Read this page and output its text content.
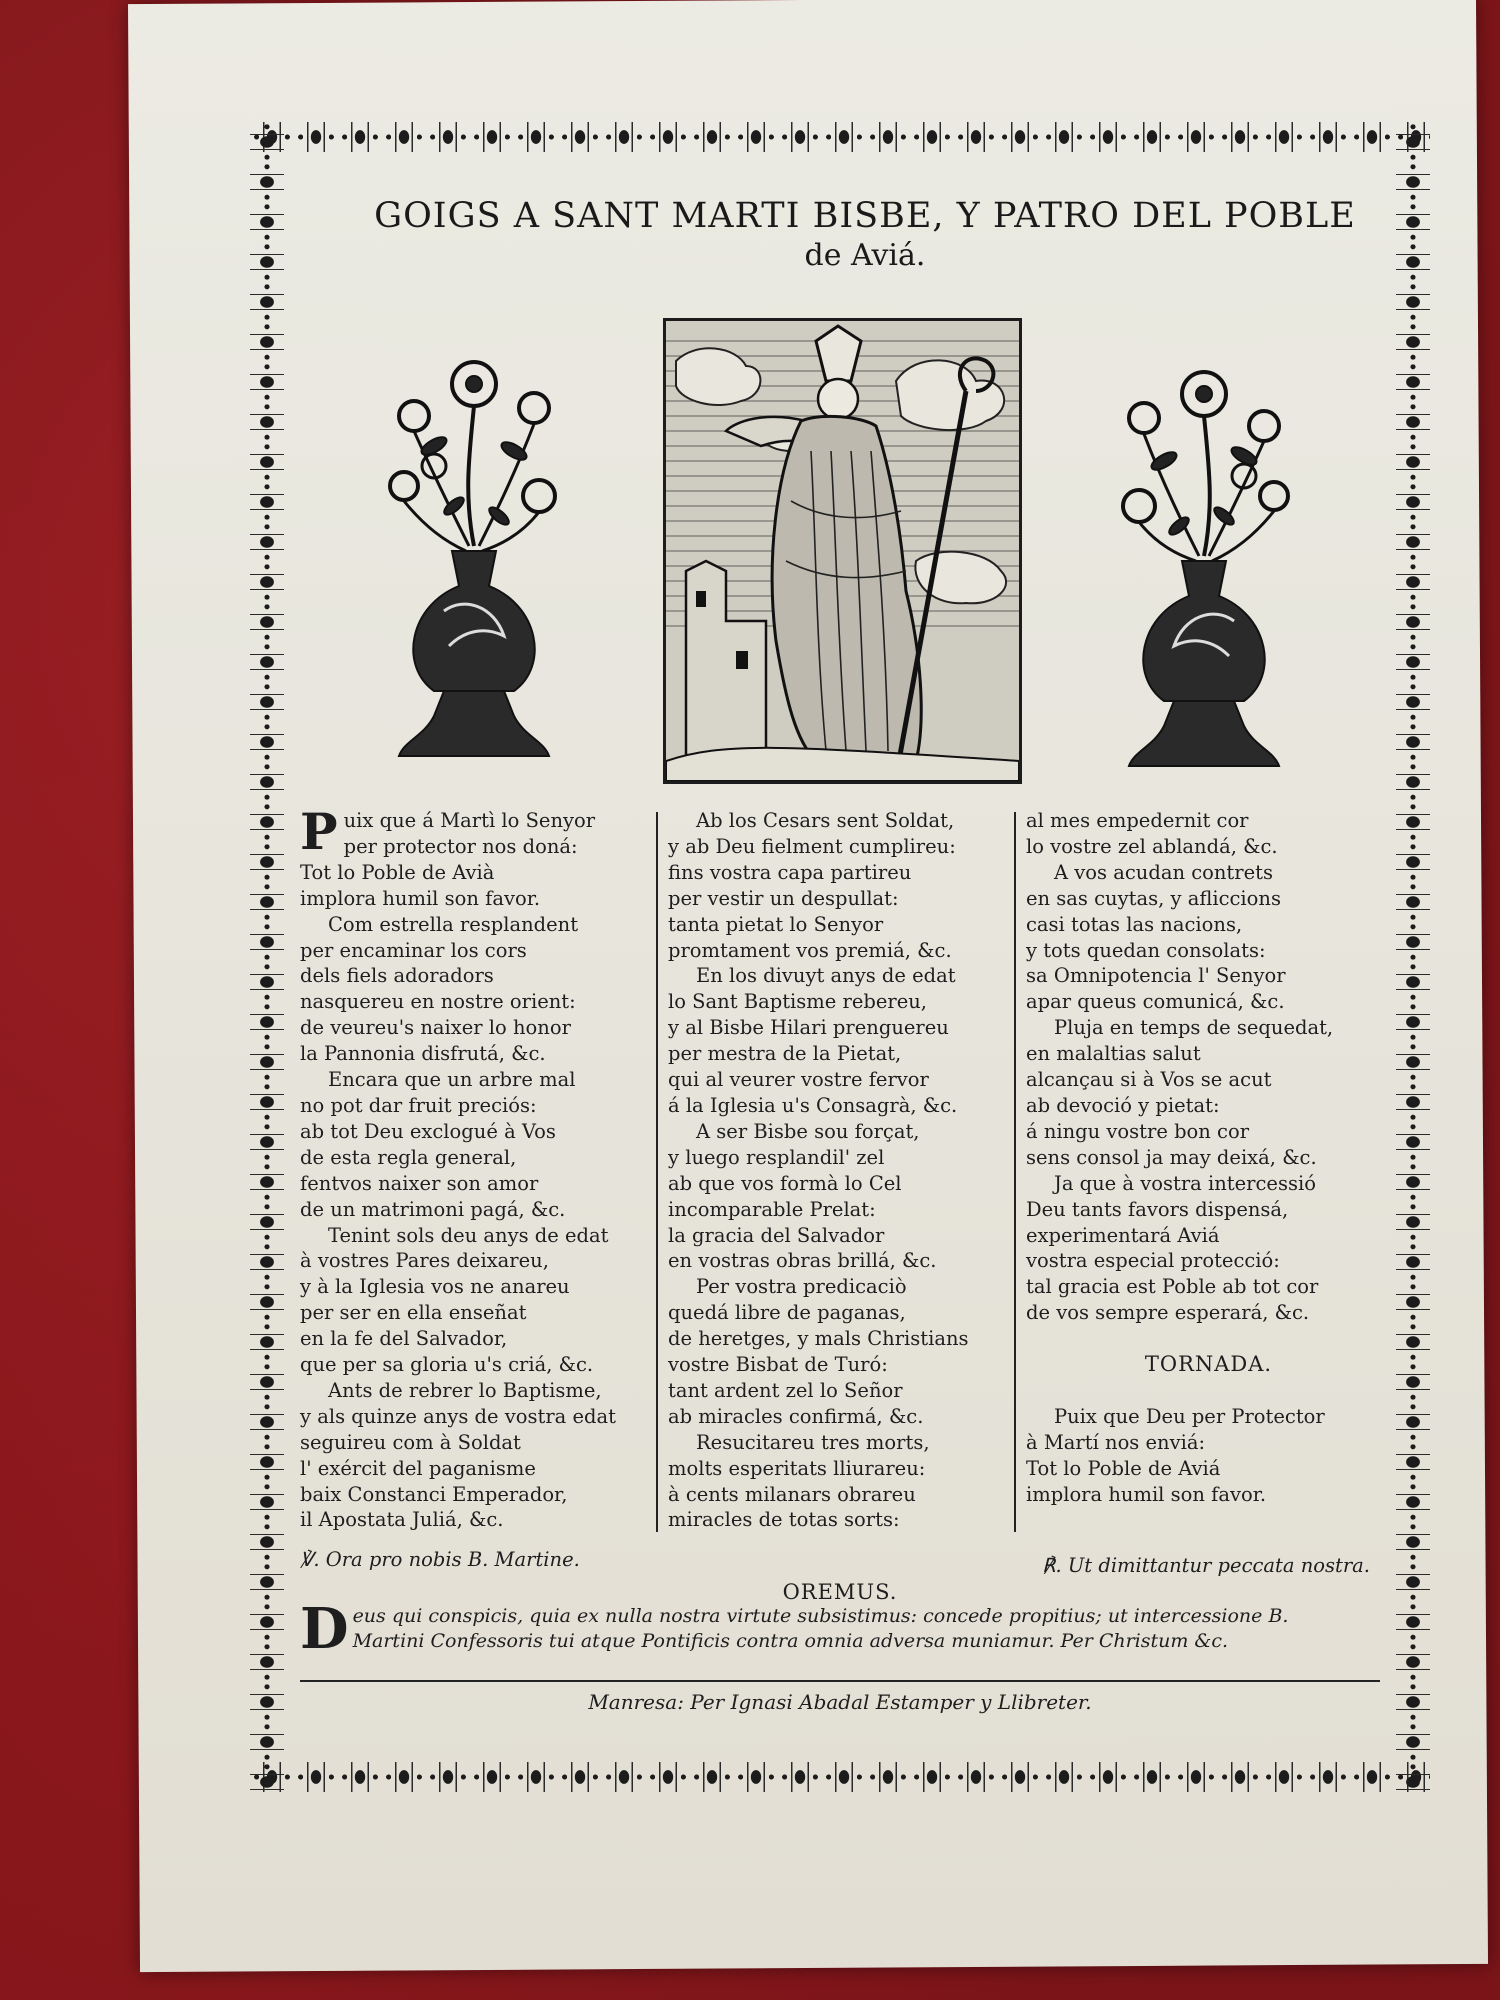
GOIGS A SANT MARTI BISBE, Y PATRO DEL POBLE
de Aviá.
Puix que á Martì lo Senyor
per protector nos doná:
Tot lo Poble de Avià
implora humil son favor.
Com estrella resplandent
per encaminar los cors
dels fiels adoradors
nasquereu en nostre orient:
de veureu's naixer lo honor
la Pannonia disfrutá, &c.
Encara que un arbre mal
no pot dar fruit preciós:
ab tot Deu exclogué à Vos
de esta regla general,
fentvos naixer son amor
de un matrimoni pagá, &c.
Tenint sols deu anys de edat
à vostres Pares deixareu,
y à la Iglesia vos ne anareu
per ser en ella enseñat
en la fe del Salvador,
que per sa gloria u's criá, &c.
Ants de rebrer lo Baptisme,
y als quinze anys de vostra edat
seguireu com à Soldat
l' exércit del paganisme
baix Constanci Emperador,
il Apostata Juliá, &c.
Ab los Cesars sent Soldat,
y ab Deu fielment cumplireu:
fins vostra capa partireu
per vestir un despullat:
tanta pietat lo Senyor
promtament vos premiá, &c.
En los divuyt anys de edat
lo Sant Baptisme rebereu,
y al Bisbe Hilari prenguereu
per mestra de la Pietat,
qui al veurer vostre fervor
á la Iglesia u's Consagrà, &c.
A ser Bisbe sou forçat,
y luego resplandil' zel
ab que vos formà lo Cel
incomparable Prelat:
la gracia del Salvador
en vostras obras brillá, &c.
Per vostra predicaciò
quedá libre de paganas,
de heretges, y mals Christians
vostre Bisbat de Turó:
tant ardent zel lo Señor
ab miracles confirmá, &c.
Resucitareu tres morts,
molts esperitats lliurareu:
à cents milanars obrareu
miracles de totas sorts:
al mes empedernit cor
lo vostre zel ablandá, &c.
A vos acudan contrets
en sas cuytas, y afliccions
casi totas las nacions,
y tots quedan consolats:
sa Omnipotencia l' Senyor
apar queus comunicá, &c.
Pluja en temps de sequedat,
en malaltias salut
alcançau si à Vos se acut
ab devoció y pietat:
á ningu vostre bon cor
sens consol ja may deixá, &c.
Ja que à vostra intercessió
Deu tants favors dispensá,
experimentará Aviá
vostra especial protecció:
tal gracia est Poble ab tot cor
de vos sempre esperará, &c.
TORNADA.
Puix que Deu per Protector
à Martí nos enviá:
Tot lo Poble de Aviá
implora humil son favor.
℣. Ora pro nobis B. Martine.	℟. Ut dimittantur peccata nostra.
OREMUS.
D eus qui conspicis, quia ex nulla nostra virtute subsistimus: concede propitius; ut intercessione B.
Martini Confessoris tui atque Pontificis contra omnia adversa muniamur. Per Christum &c.
Manresa: Per Ignasi Abadal Estamper y Llibreter.
